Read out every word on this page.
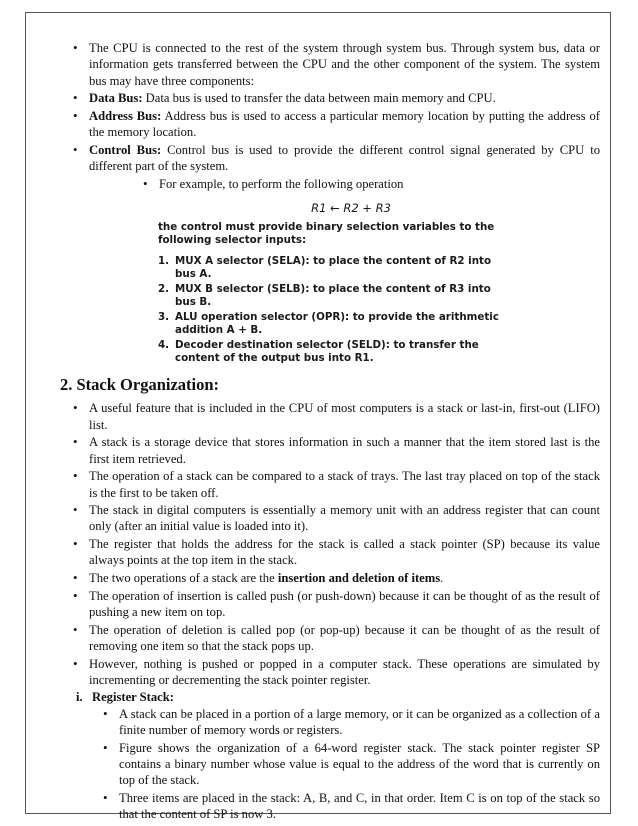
• The CPU is connected to the rest of the system through system bus. Through system bus, data or information gets transferred between the CPU and the other component of the system. The system bus may have three components:
• Data Bus: Data bus is used to transfer the data between main memory and CPU.
• Address Bus: Address bus is used to access a particular memory location by putting the address of the memory location.
• Control Bus: Control bus is used to provide the different control signal generated by CPU to different part of the system.
• For example, to perform the following operation
R1 ← R2 + R3

the control must provide binary selection variables to the following selector inputs:

1. MUX A selector (SELA): to place the content of R2 into bus A.
2. MUX B selector (SELB): to place the content of R3 into bus B.
3. ALU operation selector (OPR): to provide the arithmetic addition A + B.
4. Decoder destination selector (SELD): to transfer the content of the output bus into R1.
2. Stack Organization:
• A useful feature that is included in the CPU of most computers is a stack or last-in, first-out (LIFO) list.
• A stack is a storage device that stores information in such a manner that the item stored last is the first item retrieved.
• The operation of a stack can be compared to a stack of trays. The last tray placed on top of the stack is the first to be taken off.
• The stack in digital computers is essentially a memory unit with an address register that can count only (after an initial value is loaded into it).
• The register that holds the address for the stack is called a stack pointer (SP) because its value always points at the top item in the stack.
• The two operations of a stack are the insertion and deletion of items.
• The operation of insertion is called push (or push-down) because it can be thought of as the result of pushing a new item on top.
• The operation of deletion is called pop (or pop-up) because it can be thought of as the result of removing one item so that the stack pops up.
• However, nothing is pushed or popped in a computer stack. These operations are simulated by incrementing or decrementing the stack pointer register.
i. Register Stack:
• A stack can be placed in a portion of a large memory, or it can be organized as a collection of a finite number of memory words or registers.
• Figure shows the organization of a 64-word register stack. The stack pointer register SP contains a binary number whose value is equal to the address of the word that is currently on top of the stack.
• Three items are placed in the stack: A, B, and C, in that order. Item C is on top of the stack so that the content of SP is now 3.
